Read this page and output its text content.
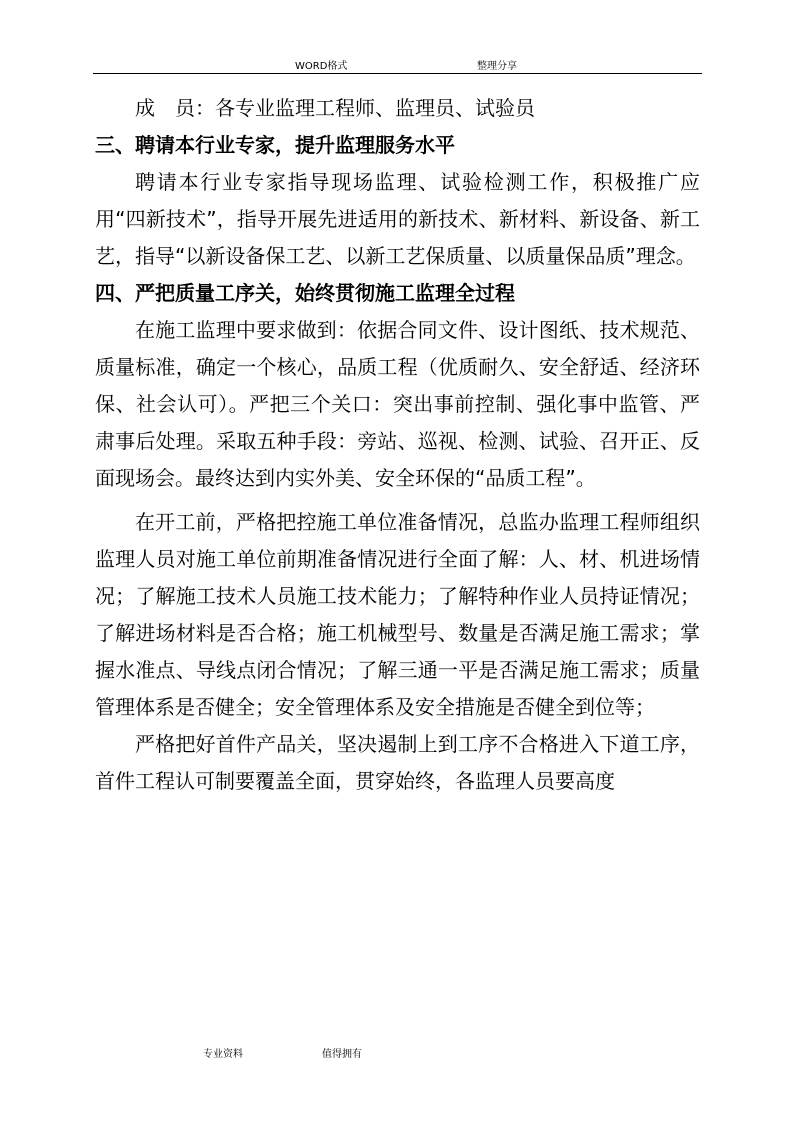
WORD格式	整理分享
成　员：各专业监理工程师、监理员、试验员
三、聘请本行业专家，提升监理服务水平

聘请本行业专家指导现场监理、试验检测工作，积极推广应用“四新技术”，指导开展先进适用的新技术、新材料、新设备、新工艺，指导“以新设备保工艺、以新工艺保质量、以质量保品质”理念。

四、严把质量工序关，始终贯彻施工监理全过程

在施工监理中要求做到：依据合同文件、设计图纸、技术规范、质量标准，确定一个核心，品质工程（优质耐久、安全舒适、经济环保、社会认可）。严把三个关口：突出事前控制、强化事中监管、严肃事后处理。采取五种手段：旁站、巡视、检测、试验、召开正、反面现场会。最终达到内实外美、安全环保的“品质工程”。

在开工前，严格把控施工单位准备情况，总监办监理工程师组织监理人员对施工单位前期准备情况进行全面了解：人、材、机进场情况；了解施工技术人员施工技术能力；了解特种作业人员持证情况；了解进场材料是否合格；施工机械型号、数量是否满足施工需求；掌握水准点、导线点闭合情况；了解三通一平是否满足施工需求；质量管理体系是否健全；安全管理体系及安全措施是否健全到位等；

严格把好首件产品关，坚决遏制上到工序不合格进入下道工序，首件工程认可制要覆盖全面，贯穿始终，各监理人员要高度

专业资料	值得拥有
